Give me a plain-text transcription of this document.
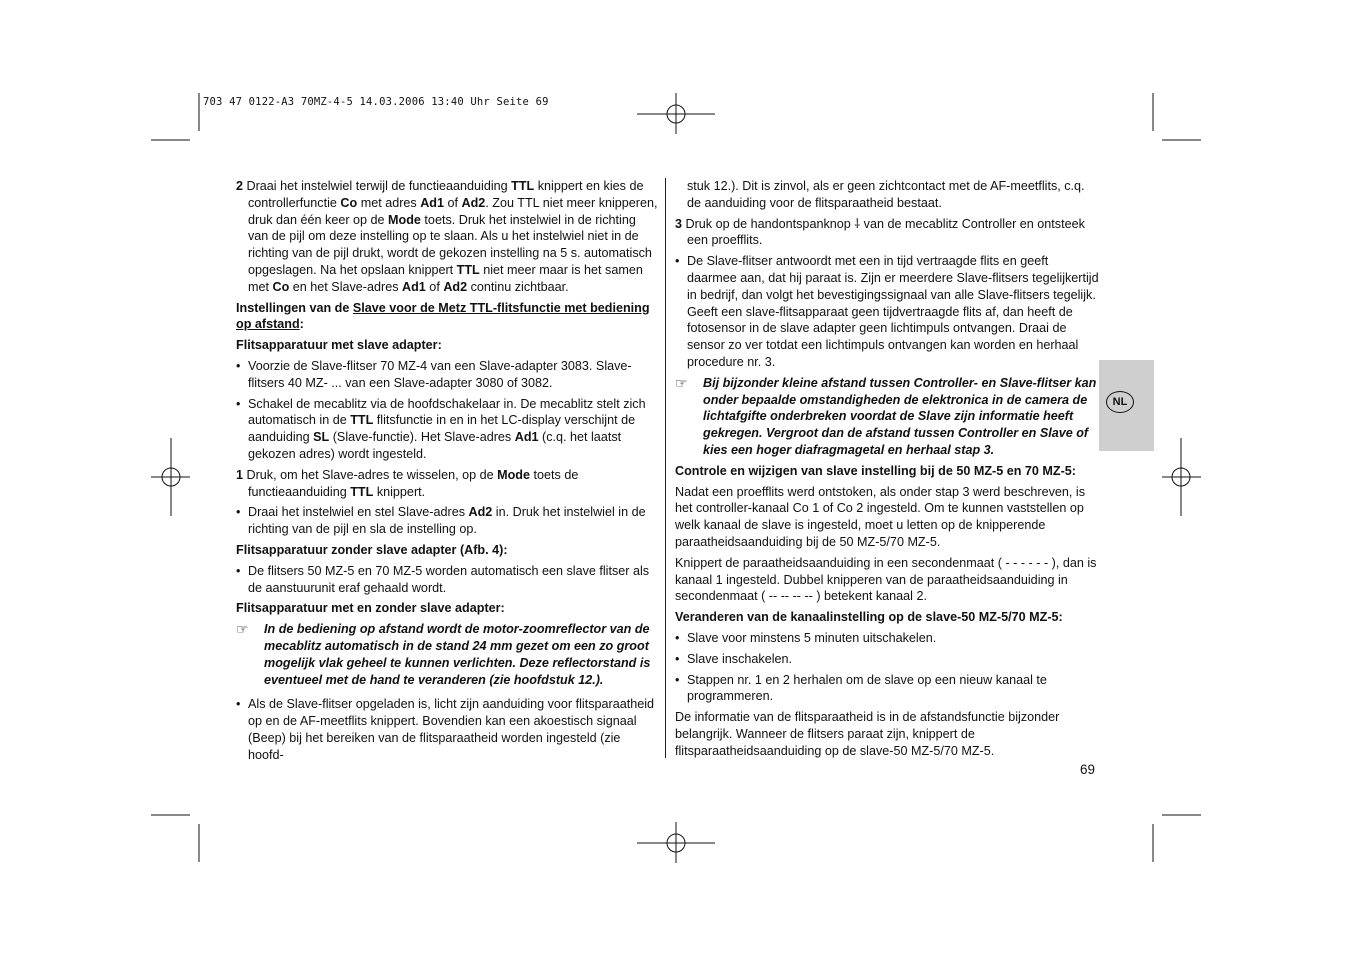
703 47 0122-A3 70MZ-4-5 14.03.2006 13:40 Uhr Seite 69
NL
69

2 Draai het instelwiel terwijl de functieaanduiding TTL knippert en kies de controllerfunctie Co met adres Ad1 of Ad2. Zou TTL niet meer knipperen, druk dan één keer op de Mode toets. Druk het instelwiel in de richting van de pijl om deze instelling op te slaan. Als u het instelwiel niet in de richting van de pijl drukt, wordt de gekozen instelling na 5 s. automatisch opgeslagen. Na het opslaan knippert TTL niet meer maar is het samen met Co en het Slave-adres Ad1 of Ad2 continu zichtbaar.

Instellingen van de Slave voor de Metz TTL-flitsfunctie met bediening op afstand:

Flitsapparatuur met slave adapter:

• Voorzie de Slave-flitser 70 MZ-4 van een Slave-adapter 3083. Slave-flitsers 40 MZ- ... van een Slave-adapter 3080 of 3082.

• Schakel de mecablitz via de hoofdschakelaar in. De mecablitz stelt zich automatisch in de TTL flitsfunctie in en in het LC-display verschijnt de aanduiding SL (Slave-functie). Het Slave-adres Ad1 (c.q. het laatst gekozen adres) wordt ingesteld.

1 Druk, om het Slave-adres te wisselen, op de Mode toets de functieaanduiding TTL knippert.

• Draai het instelwiel en stel Slave-adres Ad2 in. Druk het instelwiel in de richting van de pijl en sla de instelling op.

Flitsapparatuur zonder slave adapter (Afb. 4):

• De flitsers 50 MZ-5 en 70 MZ-5 worden automatisch een slave flitser als de aanstuurunit eraf gehaald wordt.

Flitsapparatuur met en zonder slave adapter:

☞	In de bediening op afstand wordt de motor-zoomreflector van de mecablitz automatisch in de stand 24 mm gezet om een zo groot mogelijk vlak geheel te kunnen verlichten. Deze reflectorstand is eventueel met de hand te veranderen (zie hoofdstuk 12.).

• Als de Slave-flitser opgeladen is, licht zijn aanduiding voor flitsparaatheid op en de AF-meetflits knippert. Bovendien kan een akoestisch signaal (Beep) bij het bereiken van de flitsparaatheid worden ingesteld (zie hoofd-

stuk 12.). Dit is zinvol, als er geen zichtcontact met de AF-meetflits, c.q. de aanduiding voor de flitsparaatheid bestaat.

3 Druk op de handontspanknop ⸸ van de mecablitz Controller en ontsteek een proefflits.

• De Slave-flitser antwoordt met een in tijd vertraagde flits en geeft daarmee aan, dat hij paraat is. Zijn er meerdere Slave-flitsers tegelijkertijd in bedrijf, dan volgt het bevestigingssignaal van alle Slave-flitsers tegelijk.

Geeft een slave-flitsapparaat geen tijdvertraagde flits af, dan heeft de fotosensor in de slave adapter geen lichtimpuls ontvangen. Draai de sensor zo ver totdat een lichtimpuls ontvangen kan worden en herhaal procedure nr. 3.

☞	Bij bijzonder kleine afstand tussen Controller- en Slave-flitser kan onder bepaalde omstandigheden de elektronica in de camera de lichtafgifte onderbreken voordat de Slave zijn informatie heeft gekregen. Vergroot dan de afstand tussen Controller en Slave of kies een hoger diafragmagetal en herhaal stap 3.

Controle en wijzigen van slave instelling bij de 50 MZ-5 en 70 MZ-5:

Nadat een proefflits werd ontstoken, als onder stap 3 werd beschreven, is het controller-kanaal Co 1 of Co 2 ingesteld. Om te kunnen vaststellen op welk kanaal de slave is ingesteld, moet u letten op de knipperende paraatheidsaanduiding bij de 50 MZ-5/70 MZ-5.

Knippert de paraatheidsaanduiding in een secondenmaat ( - - - - - - ), dan is kanaal 1 ingesteld. Dubbel knipperen van de paraatheidsaanduiding in secondenmaat ( -- -- -- -- ) betekent kanaal 2.

Veranderen van de kanaalinstelling op de slave-50 MZ-5/70 MZ-5:

• Slave voor minstens 5 minuten uitschakelen.

• Slave inschakelen.

• Stappen nr. 1 en 2 herhalen om de slave op een nieuw kanaal te programmeren.

De informatie van de flitsparaatheid is in de afstandsfunctie bijzonder belangrijk. Wanneer de flitsers paraat zijn, knippert de flitsparaatheidsaanduiding op de slave-50 MZ-5/70 MZ-5.
